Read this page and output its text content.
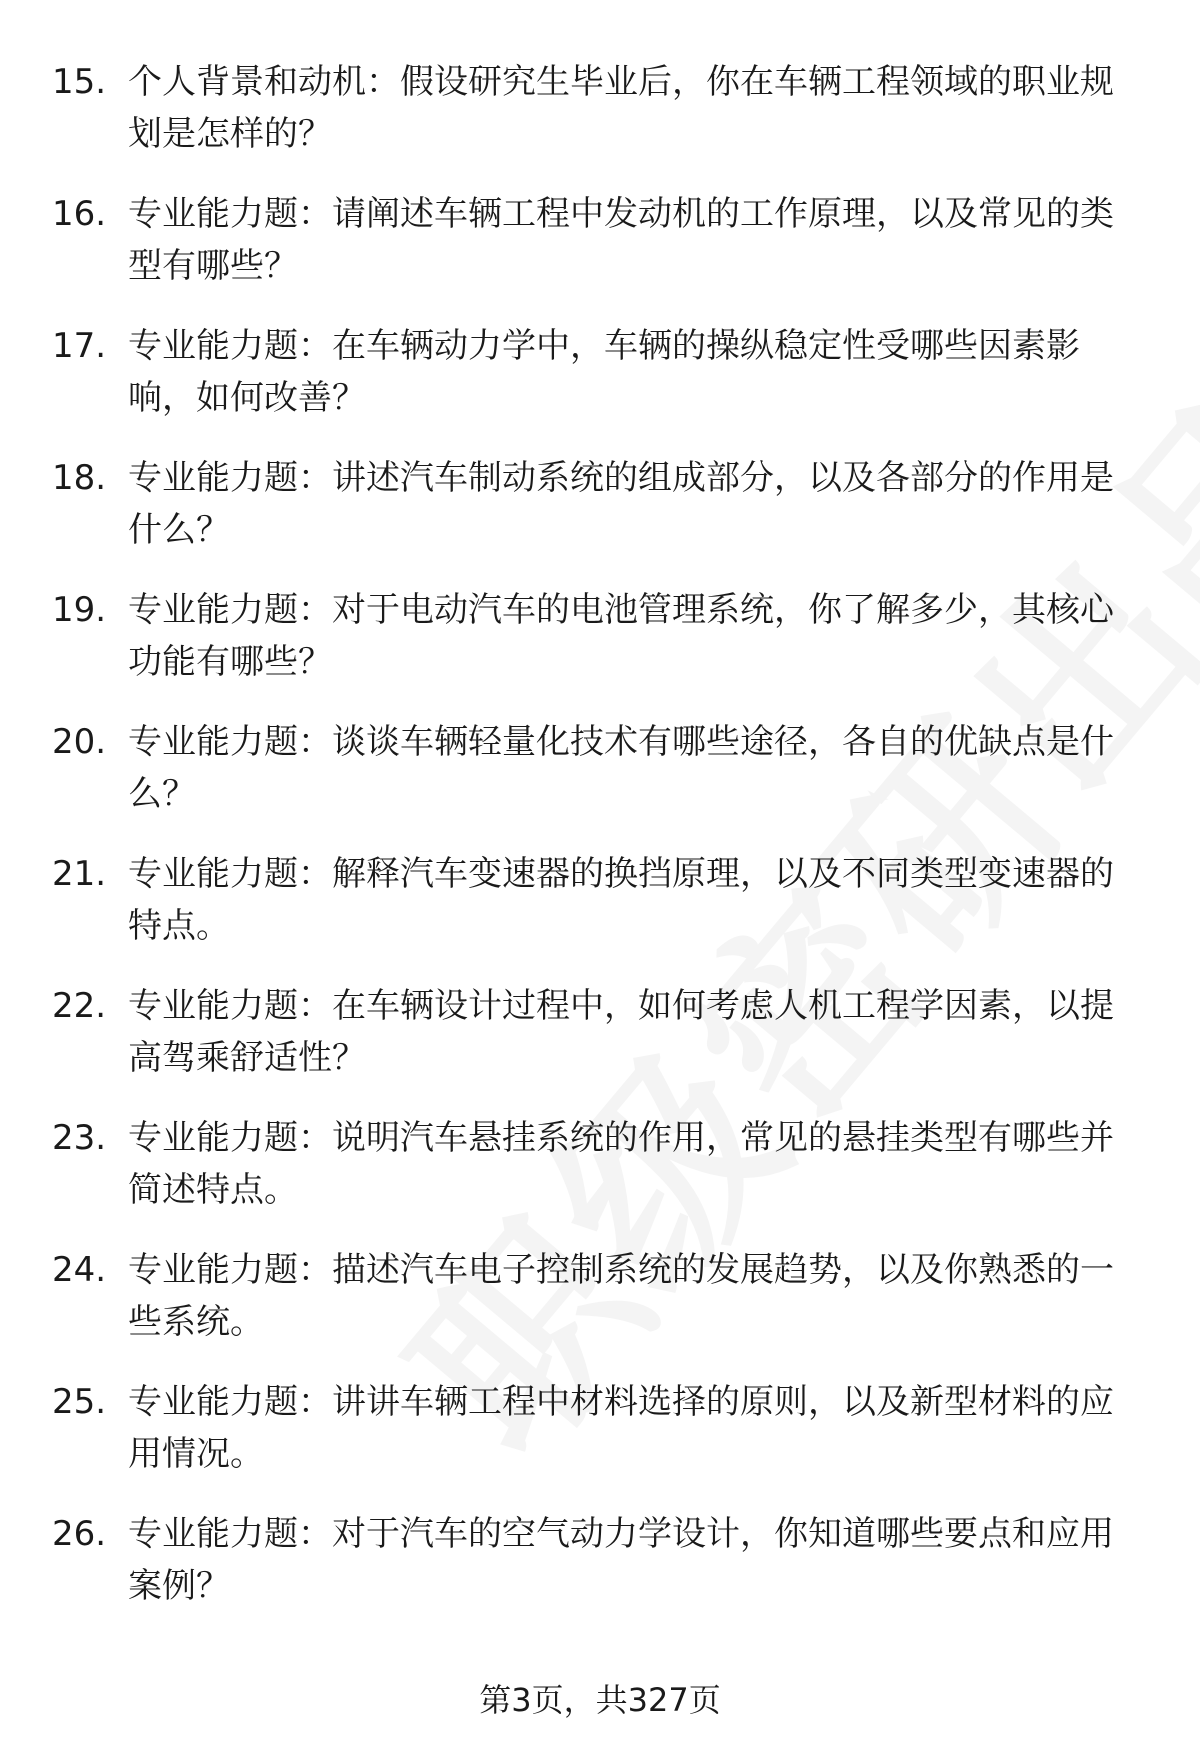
15. 个人背景和动机：假设研究生毕业后，你在车辆工程领域的职业规划是怎样的？
16. 专业能力题：请阐述车辆工程中发动机的工作原理，以及常见的类型有哪些？
17. 专业能力题：在车辆动力学中，车辆的操纵稳定性受哪些因素影响，如何改善？
18. 专业能力题：讲述汽车制动系统的组成部分，以及各部分的作用是什么？
19. 专业能力题：对于电动汽车的电池管理系统，你了解多少，其核心功能有哪些？
20. 专业能力题：谈谈车辆轻量化技术有哪些途径，各自的优缺点是什么？
21. 专业能力题：解释汽车变速器的换挡原理，以及不同类型变速器的特点。
22. 专业能力题：在车辆设计过程中，如何考虑人机工程学因素，以提高驾乘舒适性？
23. 专业能力题：说明汽车悬挂系统的作用，常见的悬挂类型有哪些并简述特点。
24. 专业能力题：描述汽车电子控制系统的发展趋势，以及你熟悉的一些系统。
25. 专业能力题：讲讲车辆工程中材料选择的原则，以及新型材料的应用情况。
26. 专业能力题：对于汽车的空气动力学设计，你知道哪些要点和应用案例？
第3页，共327页
